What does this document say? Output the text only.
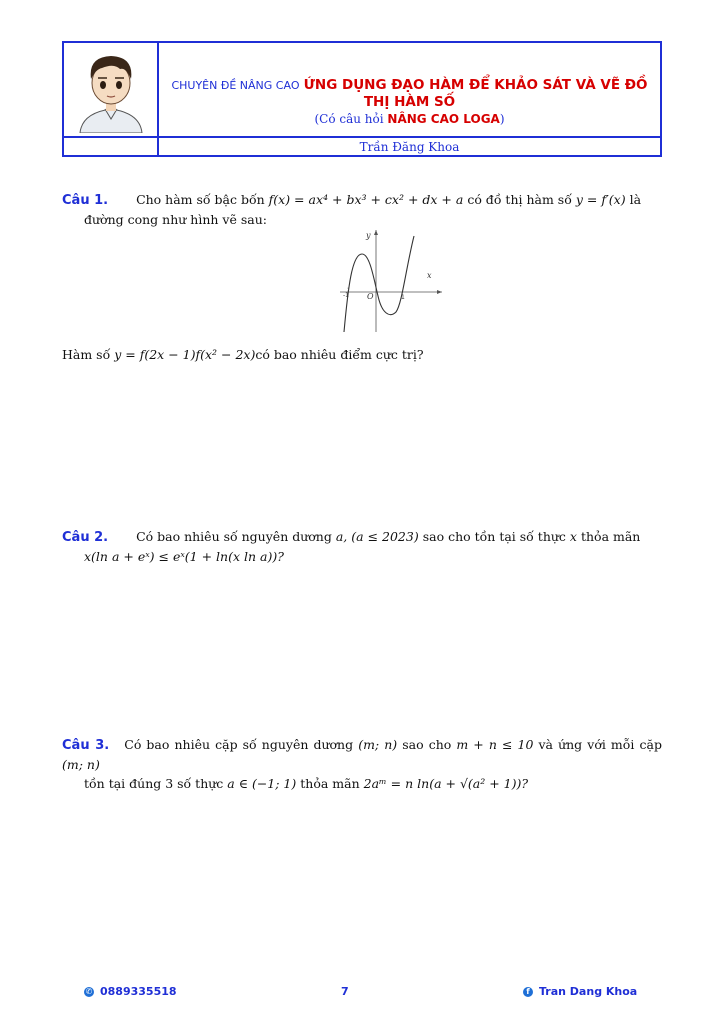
CHUYÊN ĐỀ NÂNG CAO ỨNG DỤNG ĐẠO HÀM ĐỂ KHẢO SÁT VÀ VẼ ĐỒ THỊ HÀM SỐ
(Có câu hỏi NÂNG CAO LOGA)
Trần Đăng Khoa
Câu 1. Cho hàm số bậc bốn f(x) = ax⁴ + bx³ + cx² + dx + a có đồ thị hàm số y = f′(x) là
đường cong như hình vẽ sau:
y
x
O
-1	1
Hàm số y = f(2x − 1)f(x² − 2x)có bao nhiêu điểm cực trị?
Câu 2. Có bao nhiêu số nguyên dương a, (a ≤ 2023) sao cho tồn tại số thực x thỏa mãn
x(ln a + eˣ) ≤ eˣ(1 + ln(x ln a))?
Câu 3. Có bao nhiêu cặp số nguyên dương (m; n) sao cho m + n ≤ 10 và ứng với mỗi cặp (m; n)
tồn tại đúng 3 số thực a ∈ (−1; 1) thỏa mãn 2aᵐ = n ln(a + √(a² + 1))?
✆ 0889335518	7	f Tran Dang Khoa
